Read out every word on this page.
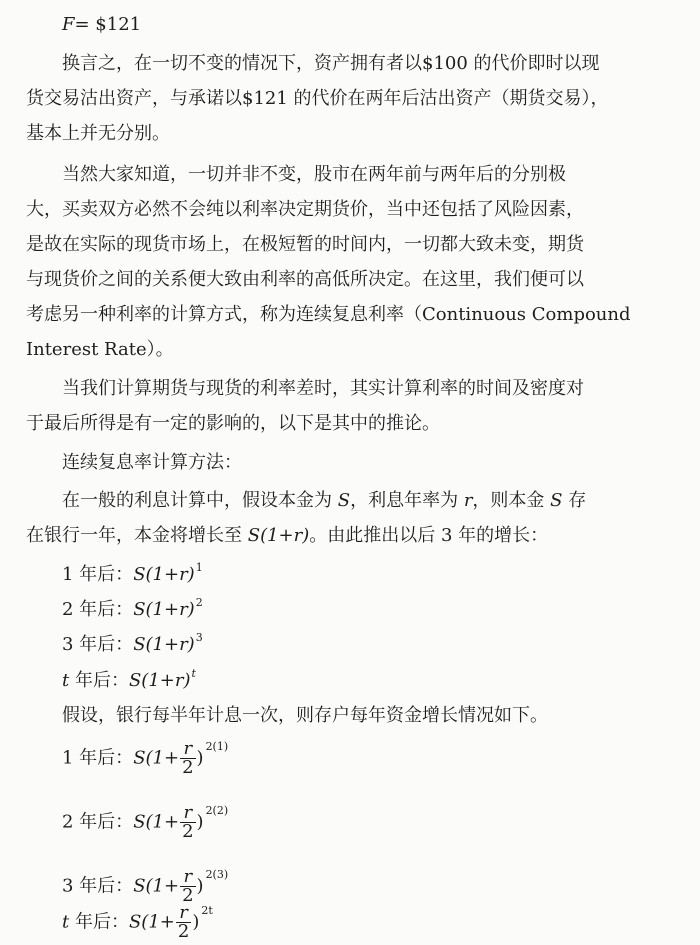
F= $121
换言之，在一切不变的情况下，资产拥有者以$100 的代价即时以现
货交易沽出资产，与承诺以$121 的代价在两年后沽出资产（期货交易），
基本上并无分别。
当然大家知道，一切并非不变，股市在两年前与两年后的分别极
大，买卖双方必然不会纯以利率决定期货价，当中还包括了风险因素，
是故在实际的现货市场上，在极短暂的时间内，一切都大致未变，期货
与现货价之间的关系便大致由利率的高低所决定。在这里，我们便可以
考虑另一种利率的计算方式，称为连续复息利率（Continuous Compound
Interest Rate）。
当我们计算期货与现货的利率差时，其实计算利率的时间及密度对
于最后所得是有一定的影响的，以下是其中的推论。
连续复息率计算方法：
在一般的利息计算中，假设本金为 S，利息年率为 r，则本金 S 存
在银行一年，本金将增长至 S(1+r)。由此推出以后 3 年的增长：
1 年后：$S(1+r)^1$
2 年后：$S(1+r)^2$
3 年后：$S(1+r)^3$
t 年后：$S(1+r)^t$
假设，银行每半年计息一次，则存户每年资金增长情况如下。
1 年后：$S(1+ \frac{r}{2} )^{2(1)}$
2 年后：$S(1+ \frac{r}{2} )^{2(2)}$
3 年后：$S(1+ \frac{r}{2} )^{2(3)}$
t 年后：$S(1+ \frac{r}{2} )^{2t}$
